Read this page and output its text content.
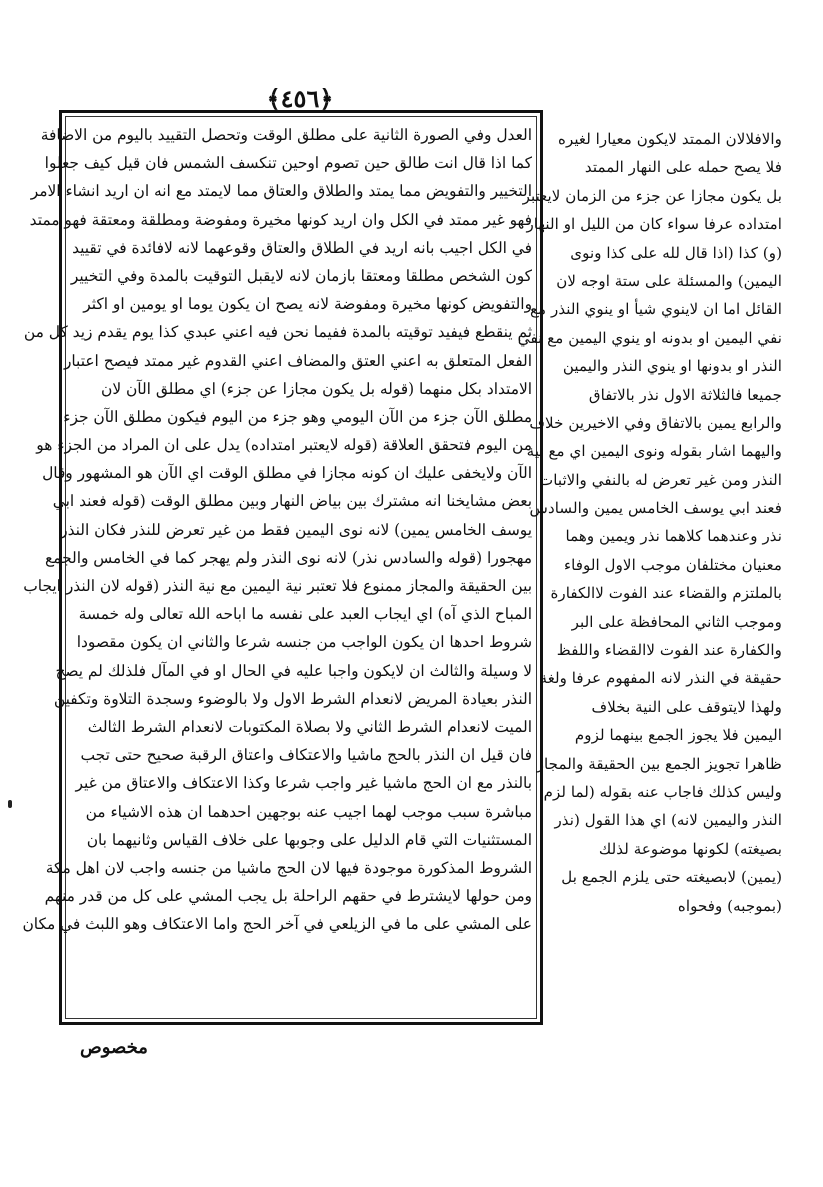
﴿٤٥٦﴾
العدل وفي الصورة الثانية على مطلق الوقت وتحصل التقييد باليوم من الاضافة
كما اذا قال انت طالق حين تصوم اوحين تنكسف الشمس فان قيل كيف جعلوا
التخيير والتفويض مما يمتد والطلاق والعتاق مما لايمتد مع انه ان اريد انشاء الامر
فهو غير ممتد في الكل وان اريد كونها مخيرة ومفوضة ومطلقة ومعتقة فهو ممتد
في الكل اجيب بانه اريد في الطلاق والعتاق وقوعهما لانه لافائدة في تقييد
كون الشخص مطلقا ومعتقا بازمان لانه لايقبل التوقيت بالمدة وفي التخيير
والتفويض كونها مخيرة ومفوضة لانه يصح ان يكون يوما او يومين او اكثر
ثم ينقطع فيفيد توقيته بالمدة ففيما نحن فيه اعني عبدي كذا يوم يقدم زيد كل من
الفعل المتعلق به اعني العتق والمضاف اعني القدوم غير ممتد فيصح اعتبار
الامتداد بكل منهما (قوله بل يكون مجازا عن جزء) اي مطلق الآن لان
مطلق الآن جزء من الآن اليومي وهو جزء من اليوم فيكون مطلق الآن جزءا
من اليوم فتحقق العلاقة (قوله لايعتبر امتداده) يدل على ان المراد من الجزء هو
الآن ولايخفى عليك ان كونه مجازا في مطلق الوقت اي الآن هو المشهور وقال
بعض مشايخنا انه مشترك بين بياض النهار وبين مطلق الوقت (قوله فعند ابي
يوسف الخامس يمين) لانه نوى اليمين فقط من غير تعرض للنذر فكان النذر
مهجورا (قوله والسادس نذر) لانه نوى النذر ولم يهجر كما في الخامس والجمع
بين الحقيقة والمجاز ممنوع فلا تعتبر نية اليمين مع نية النذر (قوله لان النذر ايجاب
المباح الذي آه) اي ايجاب العبد على نفسه ما اباحه الله تعالى وله خمسة
شروط احدها ان يكون الواجب من جنسه شرعا والثاني ان يكون مقصودا
لا وسيلة والثالث ان لايكون واجبا عليه في الحال او في المآل فلذلك لم يصح
النذر بعيادة المريض لانعدام الشرط الاول ولا بالوضوء وسجدة التلاوة وتكفين
الميت لانعدام الشرط الثاني ولا بصلاة المكتوبات لانعدام الشرط الثالث
فان قيل ان النذر بالحج ماشيا والاعتكاف واعتاق الرقبة صحيح حتى تجب
بالنذر مع ان الحج ماشيا غير واجب شرعا وكذا الاعتكاف والاعتاق من غير
مباشرة سبب موجب لهما اجيب عنه بوجهين احدهما ان هذه الاشياء من
المستثنيات التي قام الدليل على وجوبها على خلاف القياس وثانيهما بان
الشروط المذكورة موجودة فيها لان الحج ماشيا من جنسه واجب لان اهل مكة
ومن حولها لايشترط في حقهم الراحلة بل يجب المشي على كل من قدر منهم
على المشي على ما في الزيلعي في آخر الحج واما الاعتكاف وهو اللبث في مكان
والافلالان الممتد لايكون معيارا لغيره
فلا يصح حمله على النهار الممتد
بل يكون مجازا عن جزء من الزمان لايعتبر
امتداده عرفا سواء كان من الليل او النهار
(و) كذا (اذا قال لله على كذا ونوى
اليمين) والمسئلة على ستة اوجه لان
القائل اما ان لاينوي شيأ او ينوي النذر مع
نفي اليمين او بدونه او ينوي اليمين مع نفي
النذر او بدونها او ينوي النذر واليمين
جميعا فالثلاثة الاول نذر بالاتفاق
والرابع يمين بالاتفاق وفي الاخيرين خلاف
واليهما اشار بقوله ونوى اليمين اي مع نية
النذر ومن غير تعرض له بالنفي والاثبات
فعند ابي يوسف الخامس يمين والسادس
نذر وعندهما كلاهما نذر ويمين وهما
معنيان مختلفان موجب الاول الوفاء
بالملتزم والقضاء عند الفوت لاالكفارة
وموجب الثاني المحافظة على البر
والكفارة عند الفوت لاالقضاء واللفظ
حقيقة في النذر لانه المفهوم عرفا ولغة
ولهذا لايتوقف على النية بخلاف
اليمين فلا يجوز الجمع بينهما لزوم
ظاهرا تجويز الجمع بين الحقيقة والمجاز
وليس كذلك فاجاب عنه بقوله (لما لزم
النذر واليمين لانه) اي هذا القول (نذر
بصيغته) لكونها موضوعة لذلك
(يمين) لابصيغته حتى يلزم الجمع بل
(بموجبه) وفحواه
مخصوص
